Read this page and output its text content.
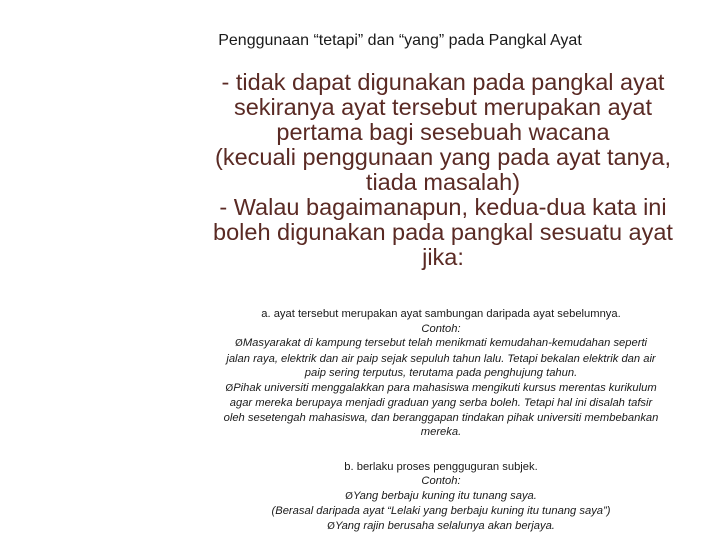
Penggunaan “tetapi” dan “yang” pada Pangkal Ayat
- tidak dapat digunakan pada pangkal ayat
sekiranya ayat tersebut merupakan ayat
pertama bagi sesebuah wacana
(kecuali penggunaan yang pada ayat tanya,
tiada masalah)
- Walau bagaimanapun, kedua-dua kata ini
boleh digunakan pada pangkal sesuatu ayat
jika:
a. ayat tersebut merupakan ayat sambungan daripada ayat sebelumnya.
Contoh:
ØMasyarakat di kampung tersebut telah menikmati kemudahan-kemudahan seperti
jalan raya, elektrik dan air paip sejak sepuluh tahun lalu. Tetapi bekalan elektrik dan air
paip sering terputus, terutama pada penghujung tahun.
ØPihak universiti menggalakkan para mahasiswa mengikuti kursus merentas kurikulum
agar mereka berupaya menjadi graduan yang serba boleh. Tetapi hal ini disalah tafsir
oleh sesetengah mahasiswa, dan beranggapan tindakan pihak universiti membebankan
mereka.
b. berlaku proses pengguguran subjek.
Contoh:
ØYang berbaju kuning itu tunang saya.
(Berasal daripada ayat “Lelaki yang berbaju kuning itu tunang saya”)
ØYang rajin berusaha selalunya akan berjaya.
